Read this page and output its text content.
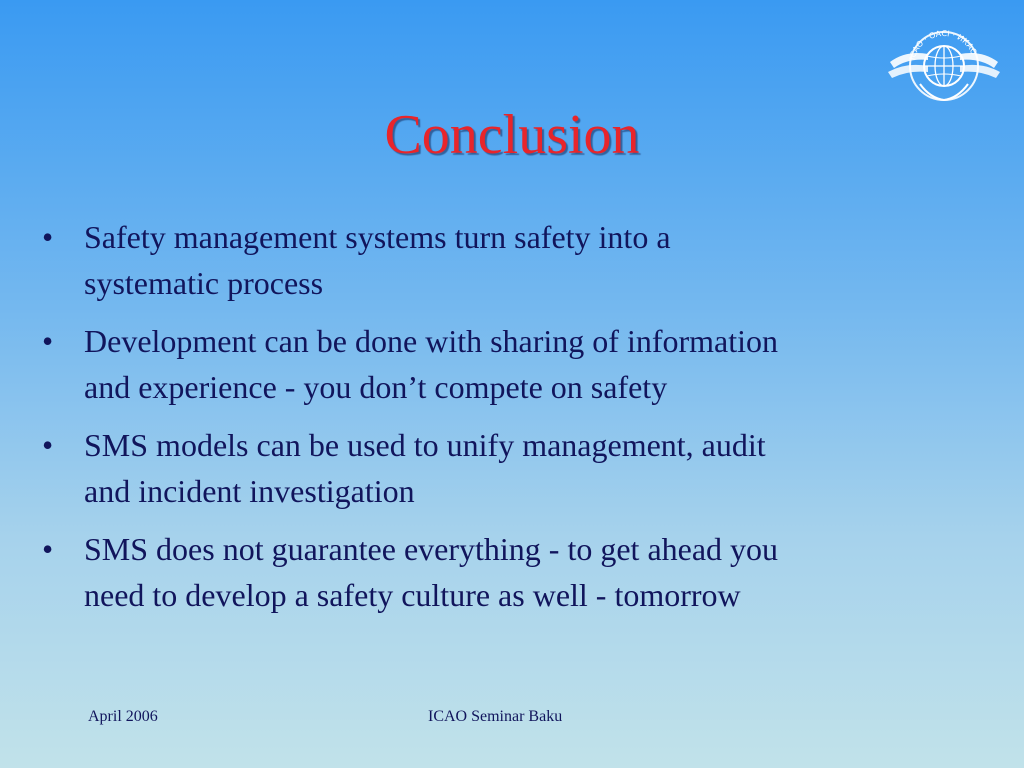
ICAO · OACI · ИКАО
Conclusion
• Safety management systems turn safety into a
systematic process
• Development can be done with sharing of information
and experience - you don’t compete on safety
• SMS models can be used to unify management, audit
and incident investigation
• SMS does not guarantee everything - to get ahead you
need to develop a safety culture as well - tomorrow
April 2006	ICAO Seminar Baku
